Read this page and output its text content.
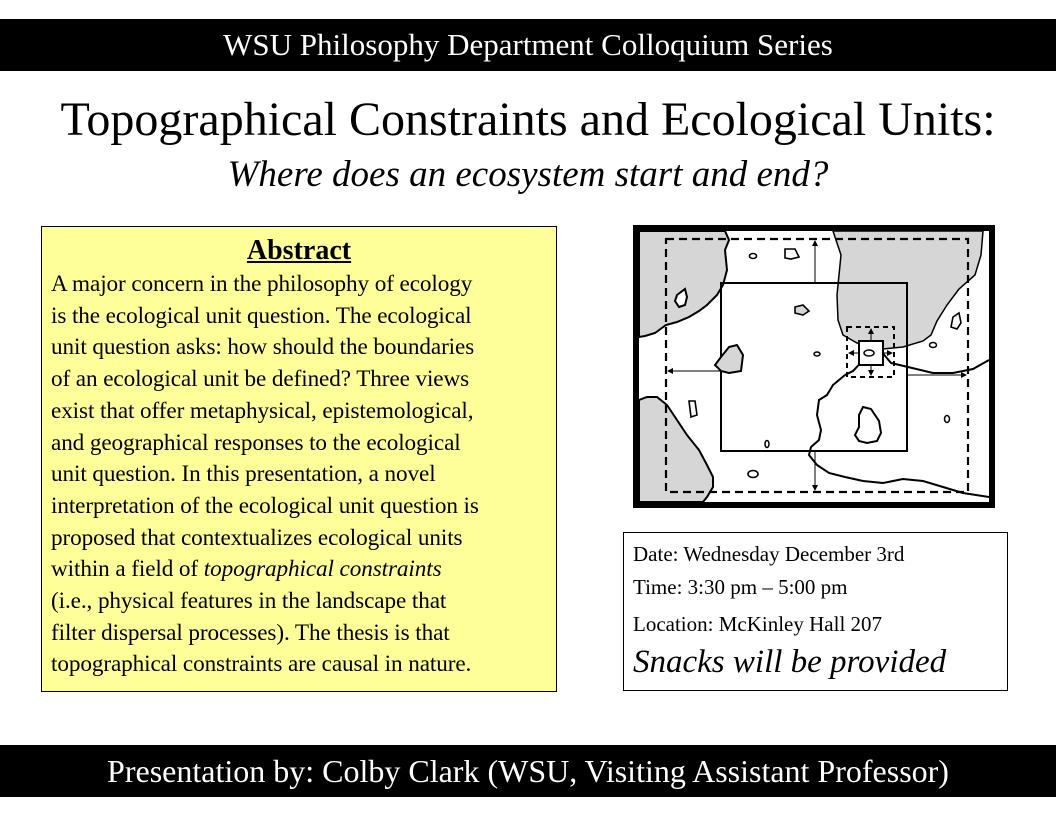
WSU Philosophy Department Colloquium Series
Topographical Constraints and Ecological Units:
Where does an ecosystem start and end?
Abstract
A major concern in the philosophy of ecology
is the ecological unit question. The ecological
unit question asks: how should the boundaries
of an ecological unit be defined? Three views
exist that offer metaphysical, epistemological,
and geographical responses to the ecological
unit question. In this presentation, a novel
interpretation of the ecological unit question is
proposed that contextualizes ecological units
within a field of topographical constraints
(i.e., physical features in the landscape that
filter dispersal processes). The thesis is that
topographical constraints are causal in nature.
Date: Wednesday December 3rd
Time: 3:30 pm – 5:00 pm
Location: McKinley Hall 207
Snacks will be provided
Presentation by: Colby Clark (WSU, Visiting Assistant Professor)
